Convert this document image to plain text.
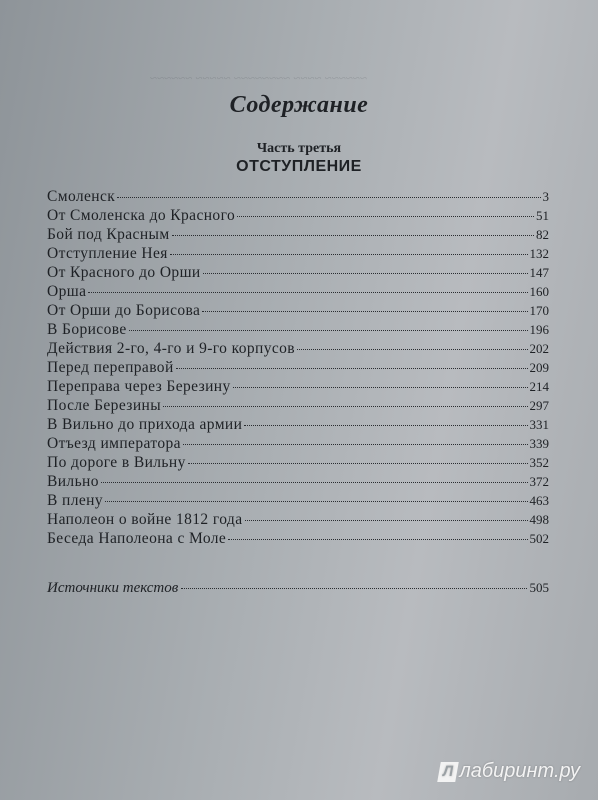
~~~~~~ ~~~~ ~~~~~~~~ ~~~~~ ~~~~~~
Содержание
Часть третья
ОТСТУПЛЕНИЕ
Смоленск	3
От Смоленска до Красного	51
Бой под Красным	82
Отступление Нея	132
От Красного до Орши	147
Орша	160
От Орши до Борисова	170
В Борисове	196
Действия 2-го, 4-го и 9-го корпусов	202
Перед переправой	209
Переправа через Березину	214
После Березины	297
В Вильно до прихода армии	331
Отъезд императора	339
По дороге в Вильну	352
Вильно	372
В плену	463
Наполеон о войне 1812 года	498
Беседа Наполеона с Моле	502
Источники текстов	505
Л лабиринт.ру
